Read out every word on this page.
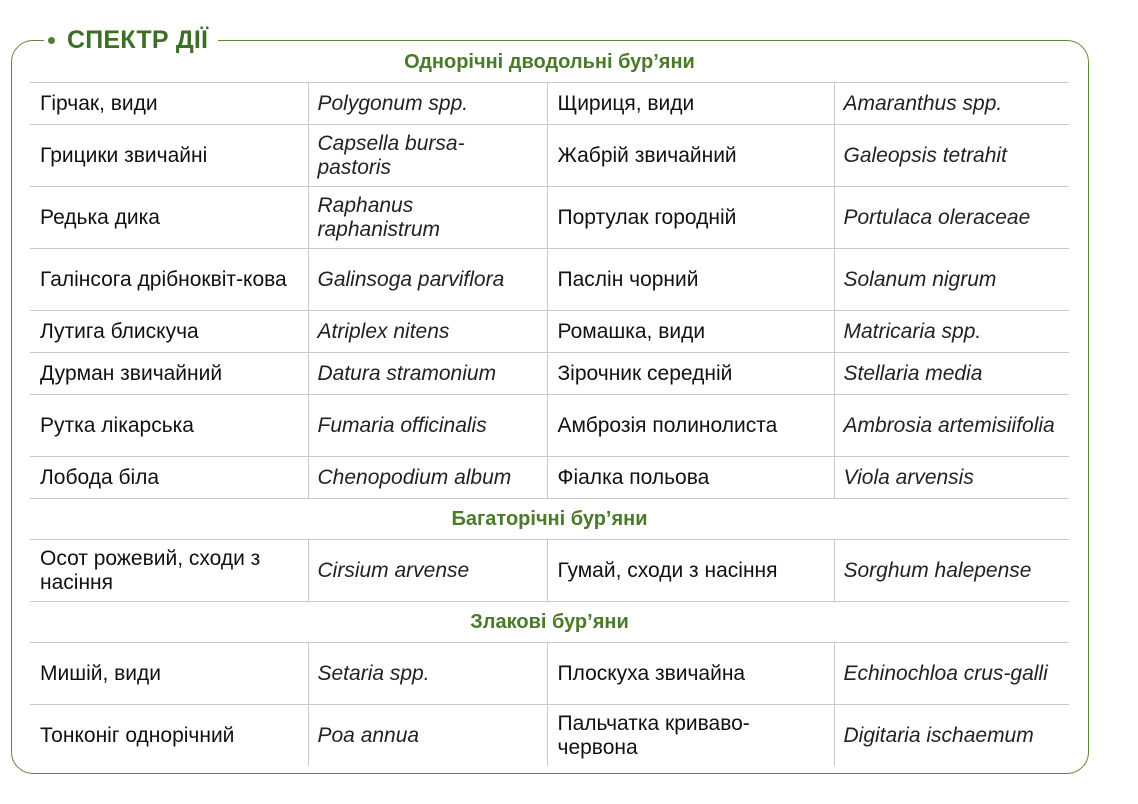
СПЕКТР ДІЇ
Однорічні дводольні бур’яни			
Гірчак, види	Polygonum spp.	Щириця, види	Amaranthus spp.
Грицики звичайні	Capsella bursa-pastoris	Жабрій звичайний	Galeopsis tetrahit
Редька дика	Raphanus raphanistrum	Портулак городній	Portulaca oleraceae
Галінсога дрібноквіт-кова	Galinsoga parviflora	Паслін чорний	Solanum nigrum
Лутига блискуча	Atriplex nitens	Ромашка, види	Matricaria spp.
Дурман звичайний	Datura stramonium	Зірочник середній	Stellaria media
Рутка лікарська	Fumaria officinalis	Амброзія полинолиста	Ambrosia artemisiifolia
Лобода біла	Chenopodium album	Фіалка польова	Viola arvensis
Багаторічні бур’яни			
Осот рожевий, сходи з насіння	Cirsium arvense	Гумай, сходи з насіння	Sorghum halepense
Злакові бур’яни			
Мишій, види	Setaria spp.	Плоскуха звичайна	Echinochloa crus-galli
Тонконіг однорічний	Poa annua	Пальчатка криваво-червона	Digitaria ischaemum
